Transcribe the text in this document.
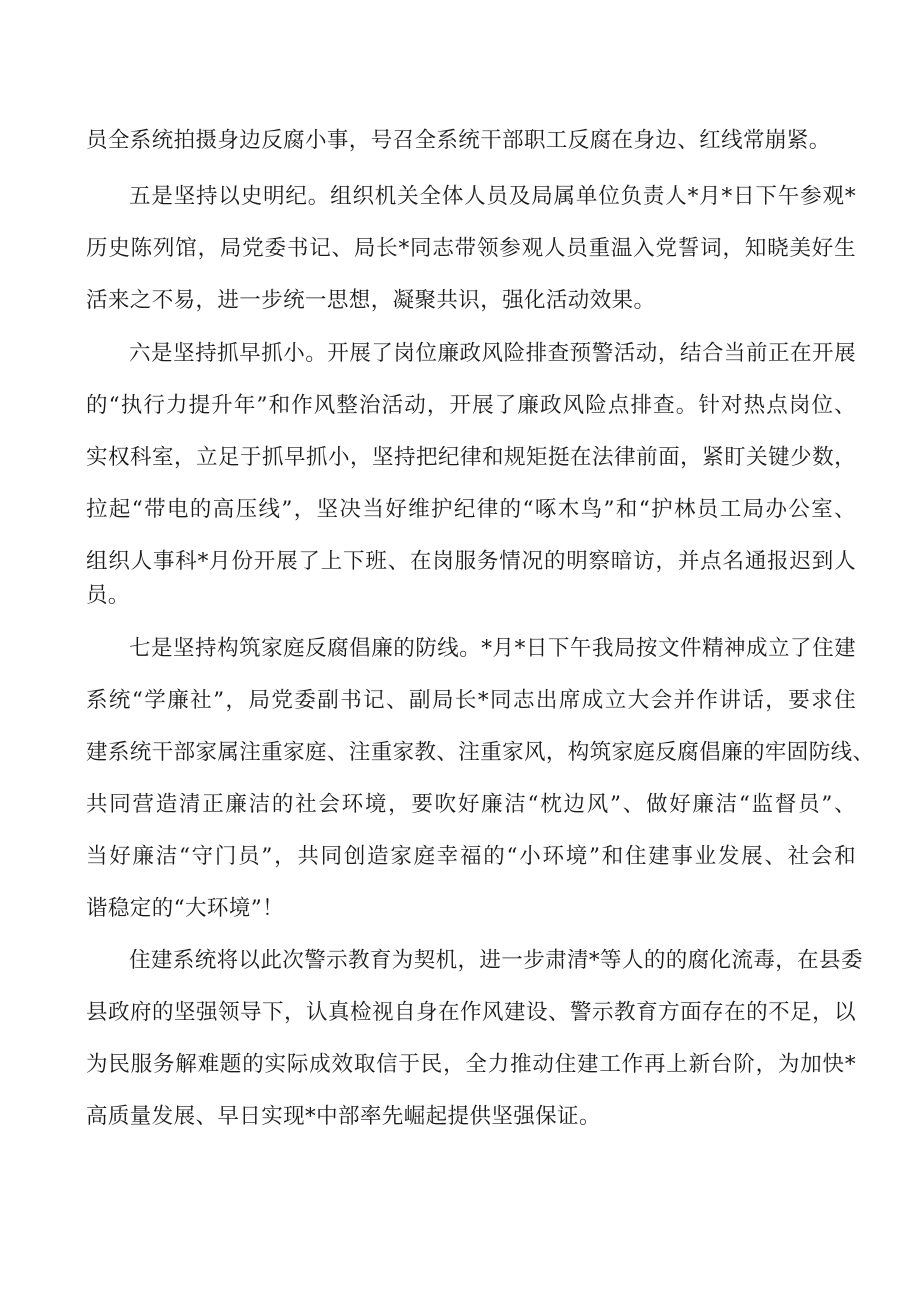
员全系统拍摄身边反腐小事，号召全系统干部职工反腐在身边、红线常崩紧。
五是坚持以史明纪。组织机关全体人员及局属单位负责人*月*日下午参观*
历史陈列馆，局党委书记、局长*同志带领参观人员重温入党誓词，知晓美好生
活来之不易，进一步统一思想，凝聚共识，强化活动效果。
六是坚持抓早抓小。开展了岗位廉政风险排查预警活动，结合当前正在开展
的“执行力提升年”和作风整治活动，开展了廉政风险点排查。针对热点岗位、
实权科室，立足于抓早抓小，坚持把纪律和规矩挺在法律前面，紧盯关键少数，
拉起“带电的高压线”，坚决当好维护纪律的“啄木鸟”和“护林员工局办公室、
组织人事科*月份开展了上下班、在岗服务情况的明察暗访，并点名通报迟到人
员。
七是坚持构筑家庭反腐倡廉的防线。*月*日下午我局按文件精神成立了住建
系统“学廉社”，局党委副书记、副局长*同志出席成立大会并作讲话，要求住
建系统干部家属注重家庭、注重家教、注重家风，构筑家庭反腐倡廉的牢固防线、
共同营造清正廉洁的社会环境，要吹好廉洁“枕边风”、做好廉洁“监督员”、
当好廉洁“守门员”，共同创造家庭幸福的“小环境”和住建事业发展、社会和
谐稳定的“大环境”！
住建系统将以此次警示教育为契机，进一步肃清*等人的的腐化流毒，在县委
县政府的坚强领导下，认真检视自身在作风建设、警示教育方面存在的不足，以
为民服务解难题的实际成效取信于民，全力推动住建工作再上新台阶，为加快*
高质量发展、早日实现*中部率先崛起提供坚强保证。
